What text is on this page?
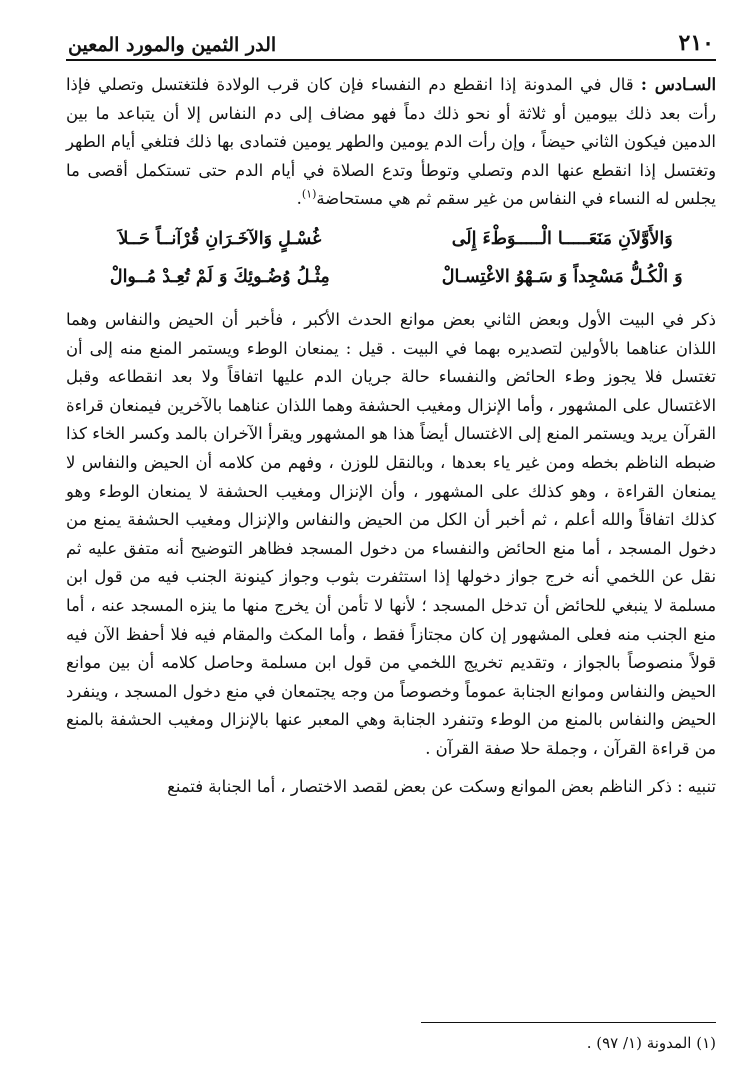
٢١٠
الدر الثمين والمورد المعين

السـادس : قال في المدونة إذا انقطع دم النفساء فإن كان قرب الولادة فلتغتسل وتصلي فإذا رأت بعد ذلك بيومين أو ثلاثة أو نحو ذلك دماً فهو مضاف إلى دم النفاس إلا أن يتباعد ما بين الدمين فيكون الثاني حيضاً ، وإن رأت الدم يومين والطهر يومين فتمادى بها ذلك فتلغي أيام الطهر وتغتسل إذا انقطع عنها الدم وتصلي وتوطأ وتدع الصلاة في أيام الدم حتى تستكمل أقصى ما يجلس له النساء في النفاس من غير سقم ثم هي مستحاضة$^{(١)}$.

وَالأَوَّلاَنِ مَنَعَـــــا الْـــــوَطْءَ إِلَى
غُسْـلٍ وَالآخَـرَانِ قُرْآنــاً حَــلاَ
وَ الْكُـلُّ مَسْجِداً وَ سَـهْوُ الاغْتِسـالْ
مِثْـلُ وُضُـوئِكَ وَ لَمْ تُعِـدْ مُــوالْ

ذكر في البيت الأول وبعض الثاني بعض موانع الحدث الأكبر ، فأخبر أن الحيض والنفاس وهما اللذان عناهما بالأولين لتصديره بهما في البيت . قيل : يمنعان الوطء ويستمر المنع منه إلى أن تغتسل فلا يجوز وطء الحائض والنفساء حالة جريان الدم عليها اتفاقاً ولا بعد انقطاعه وقبل الاغتسال على المشهور ، وأما الإنزال ومغيب الحشفة وهما اللذان عناهما بالآخرين فيمنعان قراءة القرآن يريد ويستمر المنع إلى الاغتسال أيضاً هذا هو المشهور ويقرأ الآخران بالمد وكسر الخاء كذا ضبطه الناظم بخطه ومن غير ياء بعدها ، وبالنقل للوزن ، وفهم من كلامه أن الحيض والنفاس لا يمنعان القراءة ، وهو كذلك على المشهور ، وأن الإنزال ومغيب الحشفة لا يمنعان الوطء وهو كذلك اتفاقاً والله أعلم ، ثم أخبر أن الكل من الحيض والنفاس والإنزال ومغيب الحشفة يمنع من دخول المسجد ، أما منع الحائض والنفساء من دخول المسجد فظاهر التوضيح أنه متفق عليه ثم نقل عن اللخمي أنه خرج جواز دخولها إذا استثفرت بثوب وجواز كينونة الجنب فيه من قول ابن مسلمة لا ينبغي للحائض أن تدخل المسجد ؛ لأنها لا تأمن أن يخرج منها ما ينزه المسجد عنه ، أما منع الجنب منه فعلى المشهور إن كان مجتازاً فقط ، وأما المكث والمقام فيه فلا أحفظ الآن فيه قولاً منصوصاً بالجواز ، وتقديم تخريج اللخمي من قول ابن مسلمة وحاصل كلامه أن بين موانع الحيض والنفاس وموانع الجنابة عموماً وخصوصاً من وجه يجتمعان في منع دخول المسجد ، وينفرد الحيض والنفاس بالمنع من الوطء وتنفرد الجنابة وهي المعبر عنها بالإنزال ومغيب الحشفة بالمنع من قراءة القرآن ، وجملة حلا صفة القرآن .

تنبيه : ذكر الناظم بعض الموانع وسكت عن بعض لقصد الاختصار ، أما الجنابة فتمنع

(١) المدونة (١/ ٩٧) .
